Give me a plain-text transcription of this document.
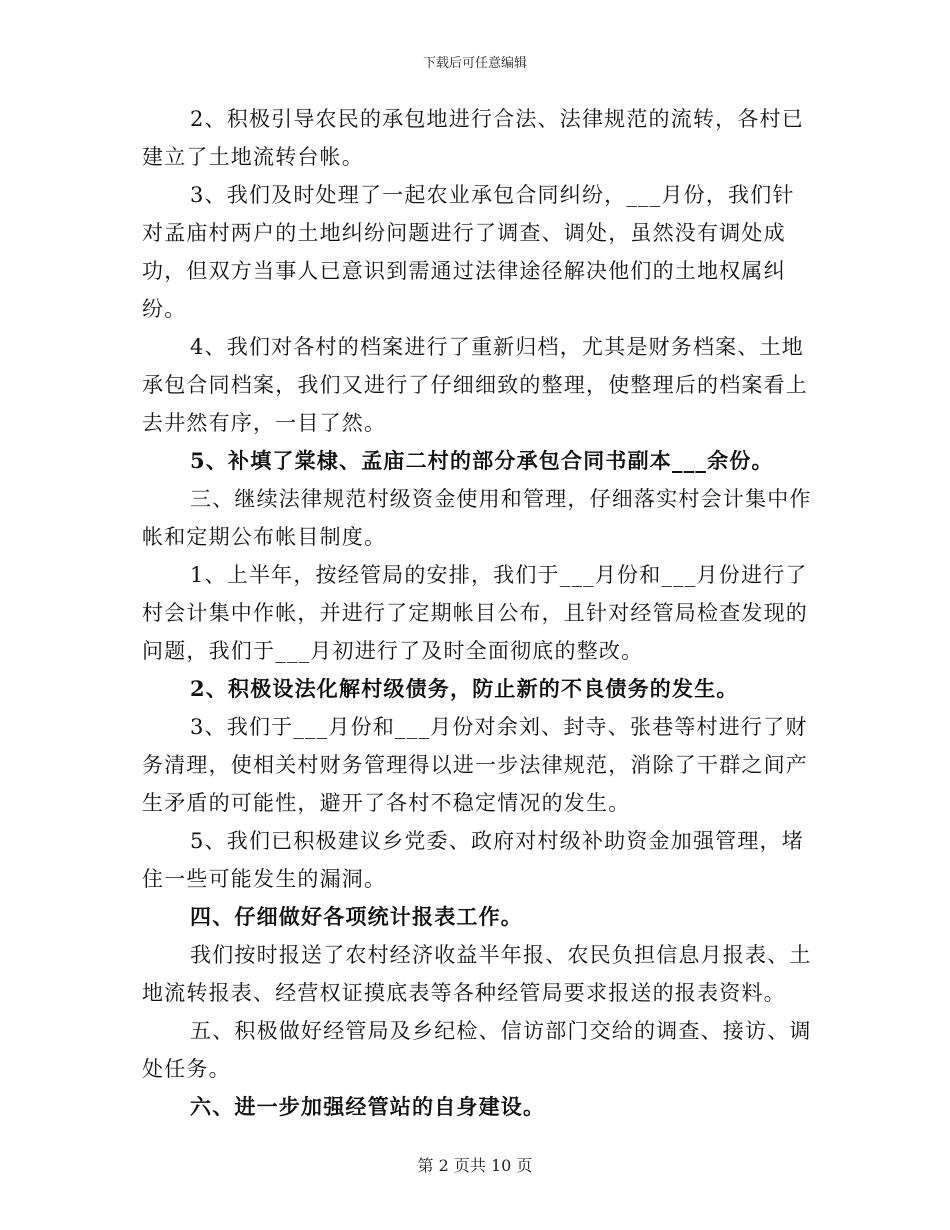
下载后可任意编辑

2、积极引导农民的承包地进行合法、法律规范的流转，各村已建立了土地流转台帐。

3、我们及时处理了一起农业承包合同纠纷，___月份，我们针对孟庙村两户的土地纠纷问题进行了调查、调处，虽然没有调处成功，但双方当事人已意识到需通过法律途径解决他们的土地权属纠纷。

4、我们对各村的档案进行了重新归档，尤其是财务档案、土地承包合同档案，我们又进行了仔细细致的整理，使整理后的档案看上去井然有序，一目了然。

5、补填了棠棣、孟庙二村的部分承包合同书副本___余份。

三、继续法律规范村级资金使用和管理，仔细落实村会计集中作帐和定期公布帐目制度。

1、上半年，按经管局的安排，我们于___月份和___月份进行了村会计集中作帐，并进行了定期帐目公布，且针对经管局检查发现的问题，我们于___月初进行了及时全面彻底的整改。

2、积极设法化解村级债务，防止新的不良债务的发生。

3、我们于___月份和___月份对余刘、封寺、张巷等村进行了财务清理，使相关村财务管理得以进一步法律规范，消除了干群之间产生矛盾的可能性，避开了各村不稳定情况的发生。

5、我们已积极建议乡党委、政府对村级补助资金加强管理，堵住一些可能发生的漏洞。

四、仔细做好各项统计报表工作。

我们按时报送了农村经济收益半年报、农民负担信息月报表、土地流转报表、经营权证摸底表等各种经管局要求报送的报表资料。

五、积极做好经管局及乡纪检、信访部门交给的调查、接访、调处任务。

六、进一步加强经管站的自身建设。

第 2 页共 10 页
